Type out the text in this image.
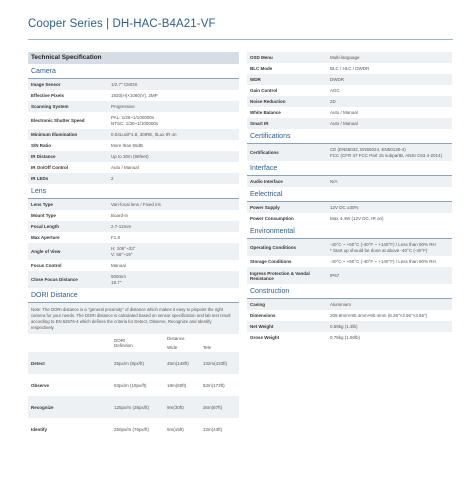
Cooper Series | DH-HAC-B4A21-VF
Technical Specification
Camera
Image Sensor	1/2.7" CMOS
Effective Pixels	1920(H)×1080(V), 2MP
Scanning System	Progressive
Electronic Shutter Speed
PAL: 1/25~1/100000s
NTSC: 1/30~1/100000s
Minimum Illumination	0.04Lux/F1.8, 30IRE, 0Lux IR on
S/N Ratio	More than 65dB
IR Distance	Up to 30m (98feet)
IR On/Off Control	Auto / Manual
IR LEDs	2
Lens
Lens Type	Vari-focal lens / Fixed iris
Mount Type	Board-in
Focal Length	2.7-12mm
Max Aperture	F1.8
Angle of View
H: 106°~33°
V: 56°~19°
Focus Control	Manual
Close Focus Distance
500mm
19.7"
DORI Distance
Note: The DORI distance is a "general proximity" of distance which makes it easy to pinpoint the right camera for your needs. The DORI distance is calculated based on sensor specification and lab test result according to EN 62676-4 which defines the criteria for Detect, Observe, Recognize and Identify respectively.

	DORI
Definition	Distance	
		Wide	Tele
Detect	25px/m (8px/ft)	45m(148ft)	132m(433ft)
Observe	63px/m (19px/ft)	18m(60ft)	53m(173ft)
Recognize	125px/m (38px/ft)	9m(30ft)	26m(87ft)
Identify	250px/m (76px/ft)	5m(15ft)	13m(43ft)
OSD Menu	Multi-language
BLC Mode	BLC / HLC / DWDR
WDR	DWDR
Gain Control	AGC
Noise Reduction	2D
White Balance	Auto / Manual
Smart IR	Auto / Manual
Certifications
Certifications
CE (EN55032, EN55024, EN50130-4)
FCC (CFR 47 FCC Part 15 subpartB, ANSI C63.4-2014)
Interface
Audio Interface	N/A
Eelectrical
Power Supply	12V DC ±30%
Power Consumption	Max 4.4W (12V DC, IR on)
Environmental
Operating Conditions
-40°C ~ +60°C (-40°F ~ +140°F) / Less than 90% RH
* Start up should be done at above -40°C (-40°F)
Storage Conditions	-40°C ~ +60°C (-40°F ~ +140°F) / Less than 90% RH
Ingress Protection & Vandal Resistance
IP67
Construction
Casing	Aluminium
Dimensions	209.9mm×90.4mm×90.4mm (8.26"×3.56"×3.56")
Net Weight	0.59kg (1.3lb)
Gross Weight	0.75kg (1.50lb)
